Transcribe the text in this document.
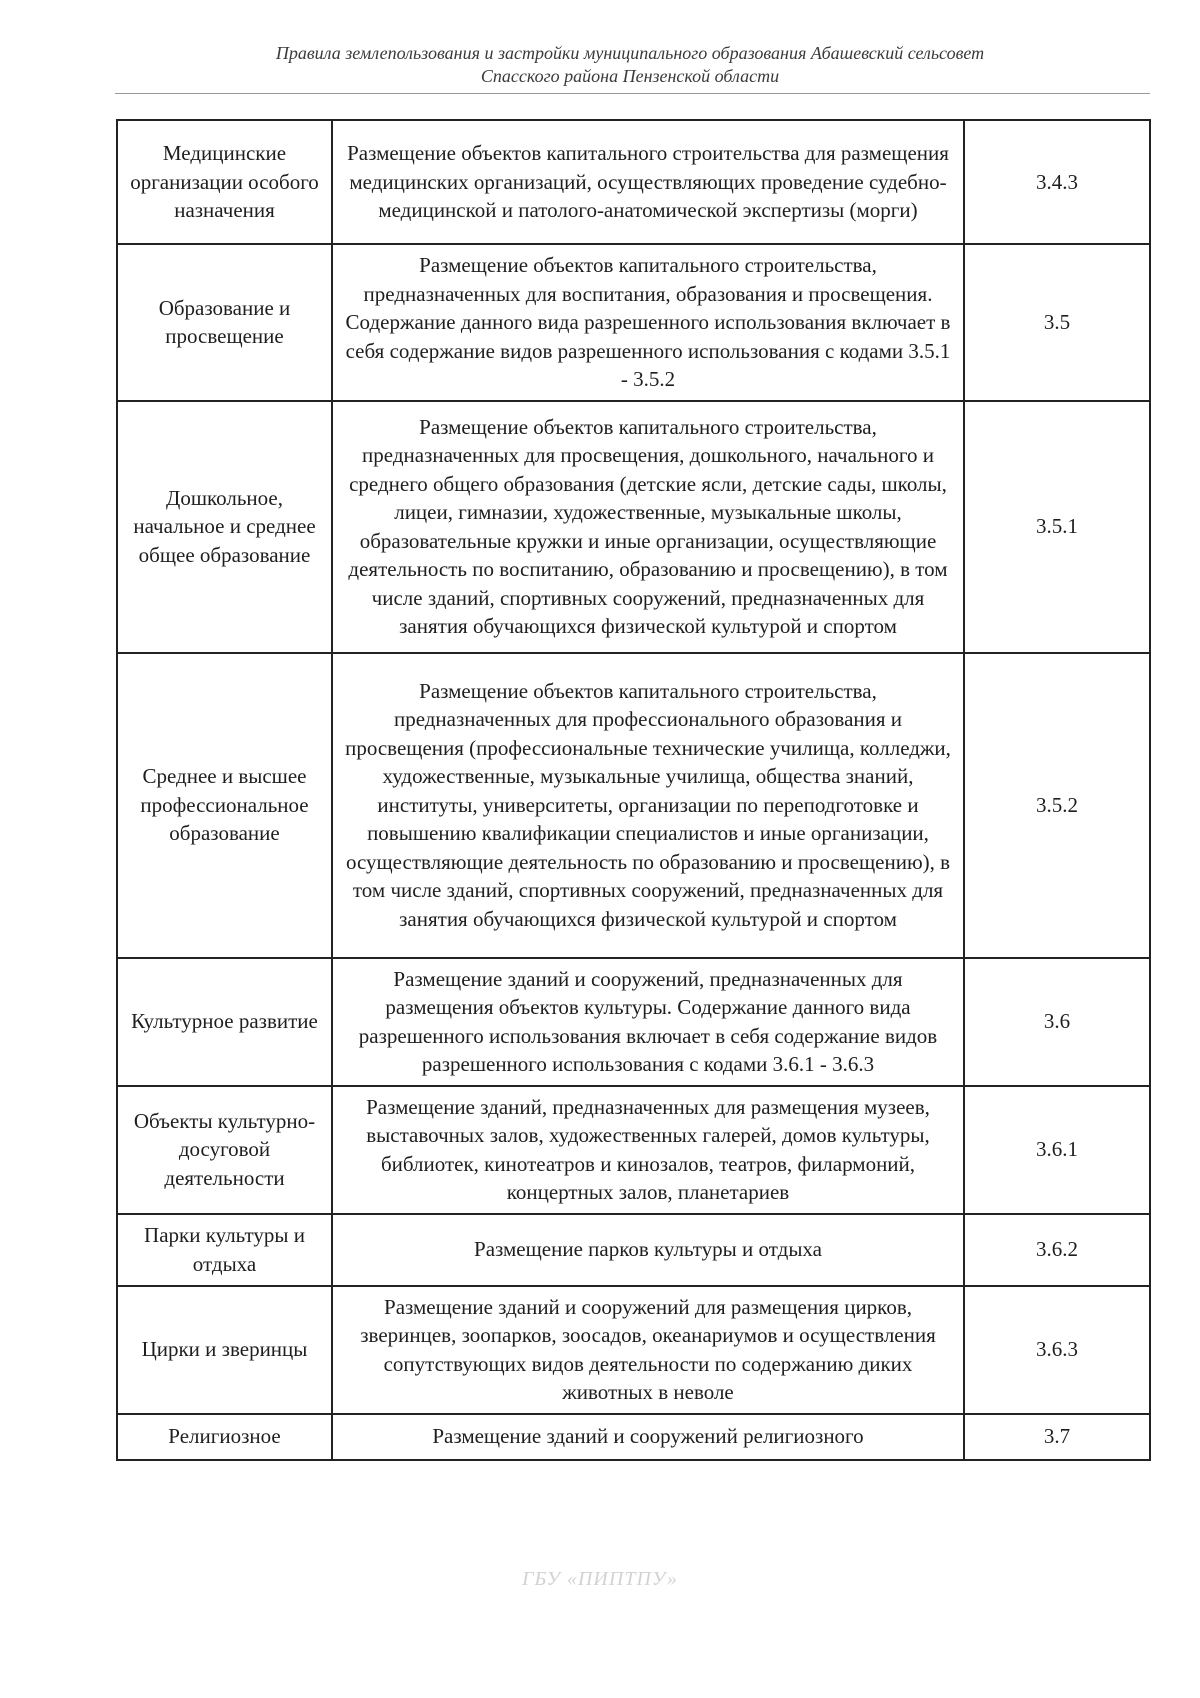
Правила землепользования и застройки муниципального образования Абашевский сельсовет
Спасского района Пензенской области
Медицинские организации особого назначения	Размещение объектов капитального строительства для размещения медицинских организаций, осуществляющих проведение судебно-медицинской и патолого-анатомической экспертизы (морги)	3.4.3
Образование и просвещение	Размещение объектов капитального строительства, предназначенных для воспитания, образования и просвещения. Содержание данного вида разрешенного использования включает в себя содержание видов разрешенного использования с кодами 3.5.1 - 3.5.2	3.5
Дошкольное, начальное и среднее общее образование	Размещение объектов капитального строительства, предназначенных для просвещения, дошкольного, начального и среднего общего образования (детские ясли, детские сады, школы, лицеи, гимназии, художественные, музыкальные школы, образовательные кружки и иные организации, осуществляющие деятельность по воспитанию, образованию и просвещению), в том числе зданий, спортивных сооружений, предназначенных для занятия обучающихся физической культурой и спортом	3.5.1
Среднее и высшее профессиональное образование	Размещение объектов капитального строительства, предназначенных для профессионального образования и просвещения (профессиональные технические училища, колледжи, художественные, музыкальные училища, общества знаний, институты, университеты, организации по переподготовке и повышению квалификации специалистов и иные организации, осуществляющие деятельность по образованию и просвещению), в том числе зданий, спортивных сооружений, предназначенных для занятия обучающихся физической культурой и спортом	3.5.2
Культурное развитие	Размещение зданий и сооружений, предназначенных для размещения объектов культуры. Содержание данного вида разрешенного использования включает в себя содержание видов разрешенного использования с кодами 3.6.1 - 3.6.3	3.6
Объекты культурно-досуговой деятельности	Размещение зданий, предназначенных для размещения музеев, выставочных залов, художественных галерей, домов культуры, библиотек, кинотеатров и кинозалов, театров, филармоний, концертных залов, планетариев	3.6.1
Парки культуры и отдыха	Размещение парков культуры и отдыха	3.6.2
Цирки и зверинцы	Размещение зданий и сооружений для размещения цирков, зверинцев, зоопарков, зоосадов, океанариумов и осуществления сопутствующих видов деятельности по содержанию диких животных в неволе	3.6.3
Религиозное	Размещение зданий и сооружений религиозного	3.7
ГБУ «ПИПТПУ»
